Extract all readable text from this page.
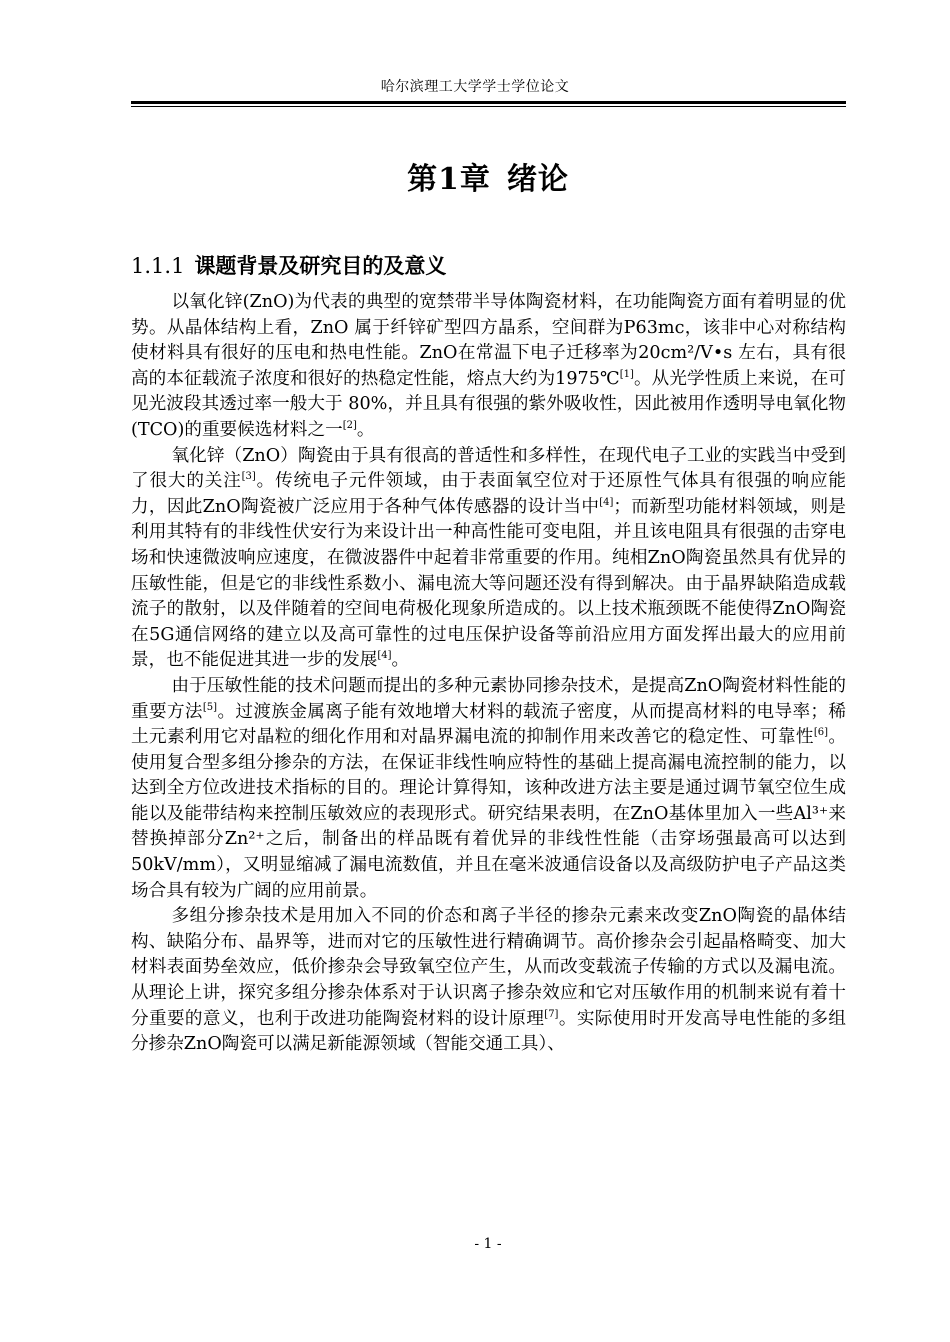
哈尔滨理工大学学士学位论文
第1章 绪论
1.1.1 课题背景及研究目的及意义

以氧化锌(ZnO)为代表的典型的宽禁带半导体陶瓷材料，在功能陶瓷方面有着明显的优势。从晶体结构上看，ZnO 属于纤锌矿型四方晶系，空间群为P63mc，该非中心对称结构使材料具有很好的压电和热电性能。ZnO在常温下电子迁移率为20cm²/V•s 左右，具有很高的本征载流子浓度和很好的热稳定性能，熔点大约为1975℃[1]。从光学性质上来说，在可见光波段其透过率一般大于 80%，并且具有很强的紫外吸收性，因此被用作透明导电氧化物(TCO)的重要候选材料之一[2]。

氧化锌（ZnO）陶瓷由于具有很高的普适性和多样性，在现代电子工业的实践当中受到了很大的关注[3]。传统电子元件领域，由于表面氧空位对于还原性气体具有很强的响应能力，因此ZnO陶瓷被广泛应用于各种气体传感器的设计当中[4]；而新型功能材料领域，则是利用其特有的非线性伏安行为来设计出一种高性能可变电阻，并且该电阻具有很强的击穿电场和快速微波响应速度，在微波器件中起着非常重要的作用。纯相ZnO陶瓷虽然具有优异的压敏性能，但是它的非线性系数小、漏电流大等问题还没有得到解决。由于晶界缺陷造成载流子的散射，以及伴随着的空间电荷极化现象所造成的。以上技术瓶颈既不能使得ZnO陶瓷在5G通信网络的建立以及高可靠性的过电压保护设备等前沿应用方面发挥出最大的应用前景，也不能促进其进一步的发展[4]。

由于压敏性能的技术问题而提出的多种元素协同掺杂技术，是提高ZnO陶瓷材料性能的重要方法[5]。过渡族金属离子能有效地增大材料的载流子密度，从而提高材料的电导率；稀土元素利用它对晶粒的细化作用和对晶界漏电流的抑制作用来改善它的稳定性、可靠性[6]。使用复合型多组分掺杂的方法，在保证非线性响应特性的基础上提高漏电流控制的能力，以达到全方位改进技术指标的目的。理论计算得知，该种改进方法主要是通过调节氧空位生成能以及能带结构来控制压敏效应的表现形式。研究结果表明，在ZnO基体里加入一些Al³⁺来替换掉部分Zn²⁺之后，制备出的样品既有着优异的非线性性能（击穿场强最高可以达到50kV/mm），又明显缩减了漏电流数值，并且在毫米波通信设备以及高级防护电子产品这类场合具有较为广阔的应用前景。

多组分掺杂技术是用加入不同的价态和离子半径的掺杂元素来改变ZnO陶瓷的晶体结构、缺陷分布、晶界等，进而对它的压敏性进行精确调节。高价掺杂会引起晶格畸变、加大材料表面势垒效应，低价掺杂会导致氧空位产生，从而改变载流子传输的方式以及漏电流。从理论上讲，探究多组分掺杂体系对于认识离子掺杂效应和它对压敏作用的机制来说有着十分重要的意义，也利于改进功能陶瓷材料的设计原理[7]。实际使用时开发高导电性能的多组分掺杂ZnO陶瓷可以满足新能源领域（智能交通工具）、

- 1 -
